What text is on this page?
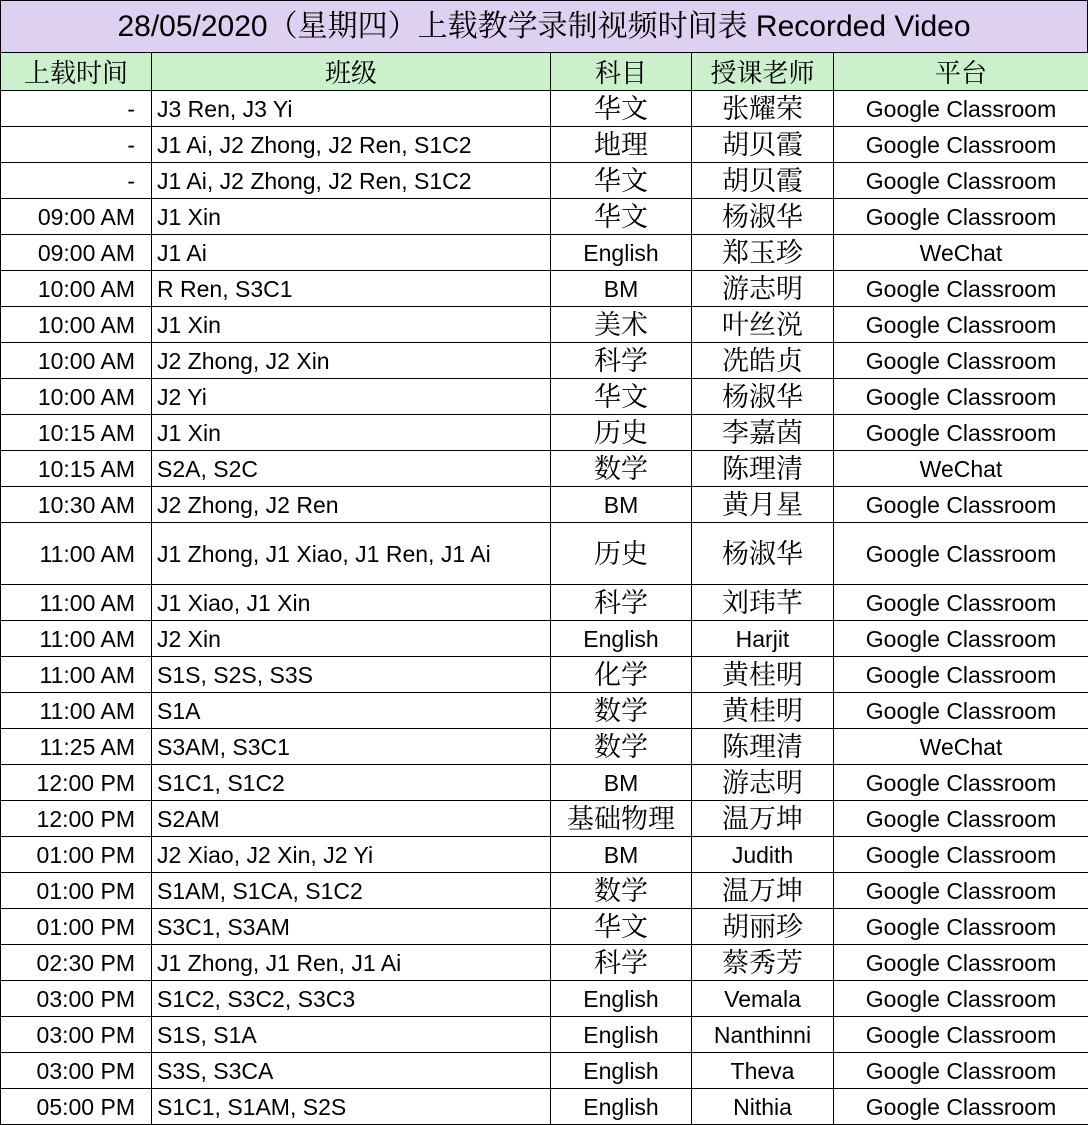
28/05/2020（星期四）上载教学录制视频时间表 Recorded Video
上载时间	班级	科目	授课老师	平台
-	J3 Ren, J3 Yi	华文	张耀荣	Google Classroom
-	J1 Ai, J2 Zhong, J2 Ren, S1C2	地理	胡贝霞	Google Classroom
-	J1 Ai, J2 Zhong, J2 Ren, S1C2	华文	胡贝霞	Google Classroom
09:00 AM	J1 Xin	华文	杨淑华	Google Classroom
09:00 AM	J1 Ai	English	郑玉珍	WeChat
10:00 AM	R Ren, S3C1	BM	游志明	Google Classroom
10:00 AM	J1 Xin	美术	叶丝涚	Google Classroom
10:00 AM	J2 Zhong, J2 Xin	科学	冼皓贞	Google Classroom
10:00 AM	J2 Yi	华文	杨淑华	Google Classroom
10:15 AM	J1 Xin	历史	李嘉茵	Google Classroom
10:15 AM	S2A, S2C	数学	陈理清	WeChat
10:30 AM	J2 Zhong, J2 Ren	BM	黄月星	Google Classroom
11:00 AM	J1 Zhong, J1 Xiao, J1 Ren, J1 Ai	历史	杨淑华	Google Classroom
11:00 AM	J1 Xiao, J1 Xin	科学	刘玮芊	Google Classroom
11:00 AM	J2 Xin	English	Harjit	Google Classroom
11:00 AM	S1S, S2S, S3S	化学	黄桂明	Google Classroom
11:00 AM	S1A	数学	黄桂明	Google Classroom
11:25 AM	S3AM, S3C1	数学	陈理清	WeChat
12:00 PM	S1C1, S1C2	BM	游志明	Google Classroom
12:00 PM	S2AM	基础物理	温万坤	Google Classroom
01:00 PM	J2 Xiao, J2 Xin, J2 Yi	BM	Judith	Google Classroom
01:00 PM	S1AM, S1CA, S1C2	数学	温万坤	Google Classroom
01:00 PM	S3C1, S3AM	华文	胡丽珍	Google Classroom
02:30 PM	J1 Zhong, J1 Ren, J1 Ai	科学	蔡秀芳	Google Classroom
03:00 PM	S1C2, S3C2, S3C3	English	Vemala	Google Classroom
03:00 PM	S1S, S1A	English	Nanthinni	Google Classroom
03:00 PM	S3S, S3CA	English	Theva	Google Classroom
05:00 PM	S1C1, S1AM, S2S	English	Nithia	Google Classroom
